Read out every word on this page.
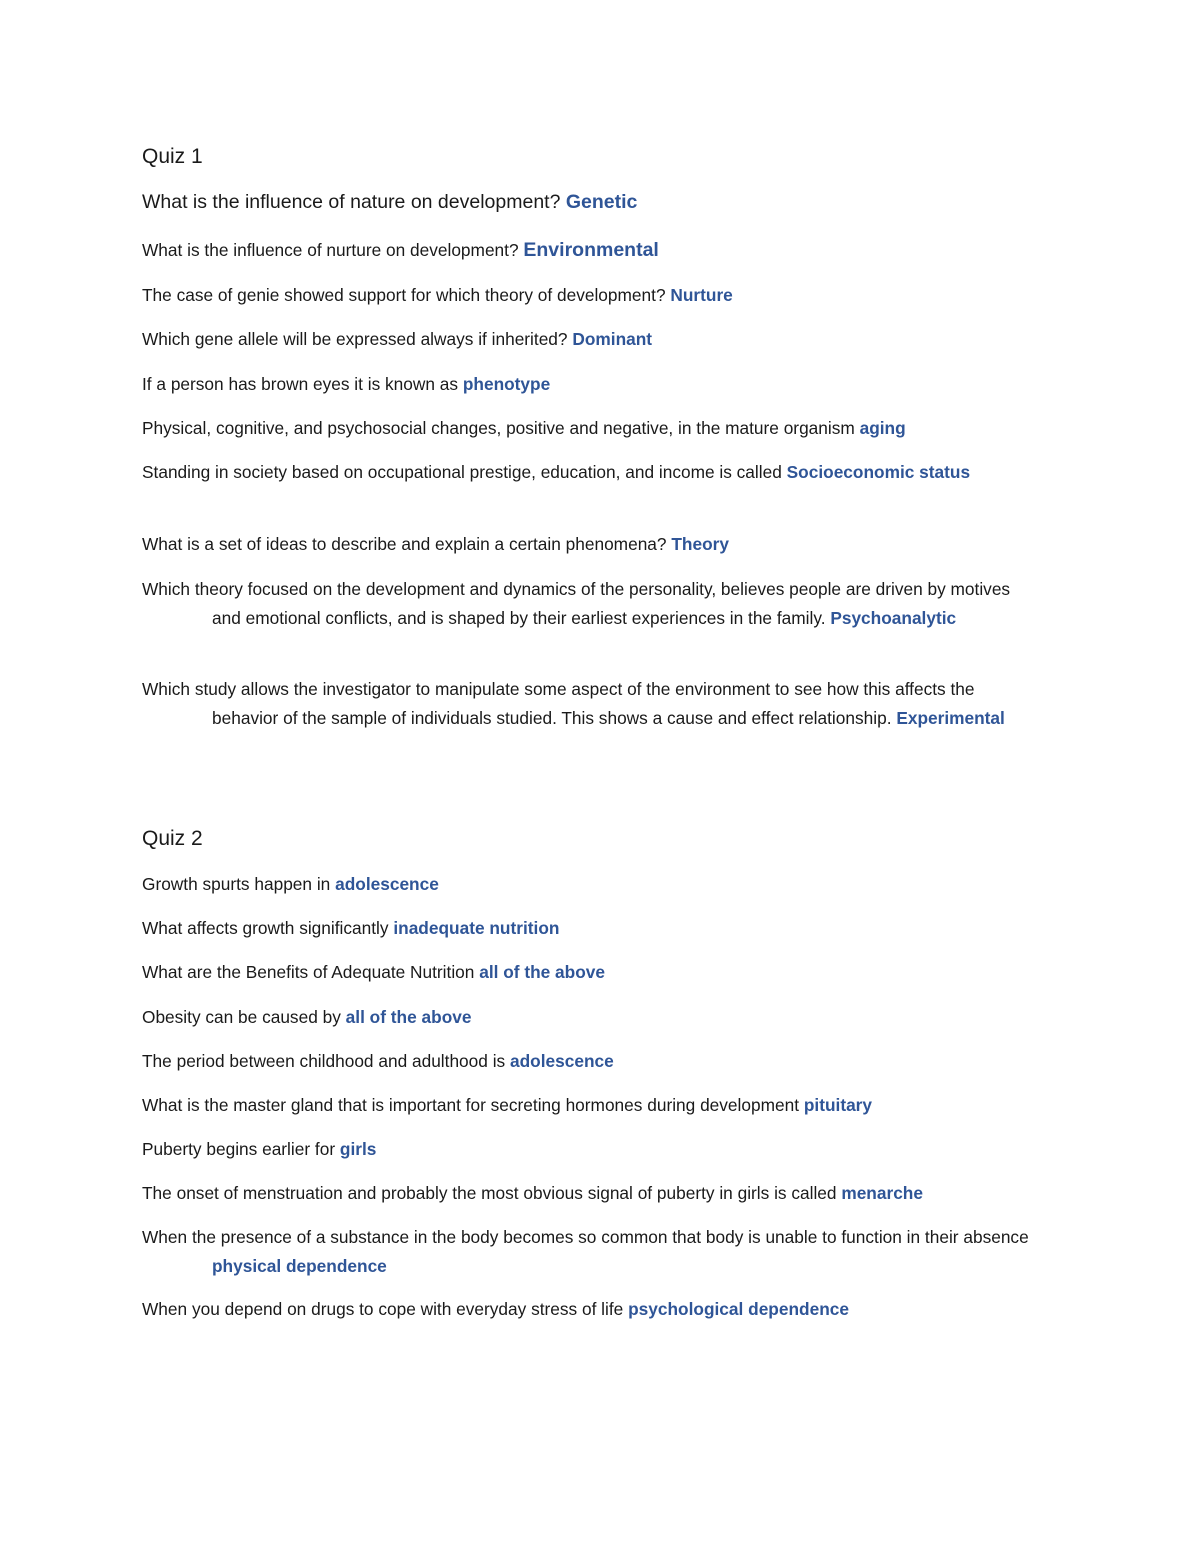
Quiz 1
What is the influence of nature on development? Genetic
What is the influence of nurture on development? Environmental
The case of genie showed support for which theory of development? Nurture
Which gene allele will be expressed always if inherited? Dominant
If a person has brown eyes it is known as phenotype
Physical, cognitive, and psychosocial changes, positive and negative, in the mature organism aging
Standing in society based on occupational prestige, education, and income is called Socioeconomic status
What is a set of ideas to describe and explain a certain phenomena? Theory
Which theory focused on the development and dynamics of the personality, believes people are driven by motives and emotional conflicts, and is shaped by their earliest experiences in the family. Psychoanalytic
Which study allows the investigator to manipulate some aspect of the environment to see how this affects the behavior of the sample of individuals studied. This shows a cause and effect relationship. Experimental
Quiz 2
Growth spurts happen in adolescence
What affects growth significantly inadequate nutrition
What are the Benefits of Adequate Nutrition all of the above
Obesity can be caused by all of the above
The period between childhood and adulthood is adolescence
What is the master gland that is important for secreting hormones during development pituitary
Puberty begins earlier for girls
The onset of menstruation and probably the most obvious signal of puberty in girls is called menarche
When the presence of a substance in the body becomes so common that body is unable to function in their absence physical dependence
When you depend on drugs to cope with everyday stress of life psychological dependence
